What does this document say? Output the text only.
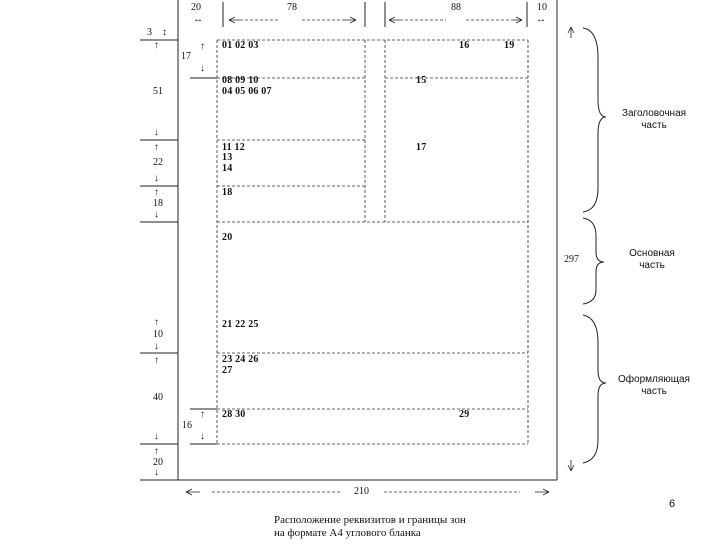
↔	↔
↕
↑
↓
↑
↓
↑
↓
↑
↓
↑
↓
↑
↓
↑
↓
↑
↓
20	78	88	10
3
17
51
22
18
10
40
16
20
297
210
01 02 03	16	19
08 09 10
04 05 06 07
15
11 12
13
14
17
18
20
21 22 25
23 24 26
27
28 30	29
Заголовочная
часть
Основная
часть
Оформляющая
часть
6
Расположение реквизитов и границы зон
на формате А4 углового бланка
